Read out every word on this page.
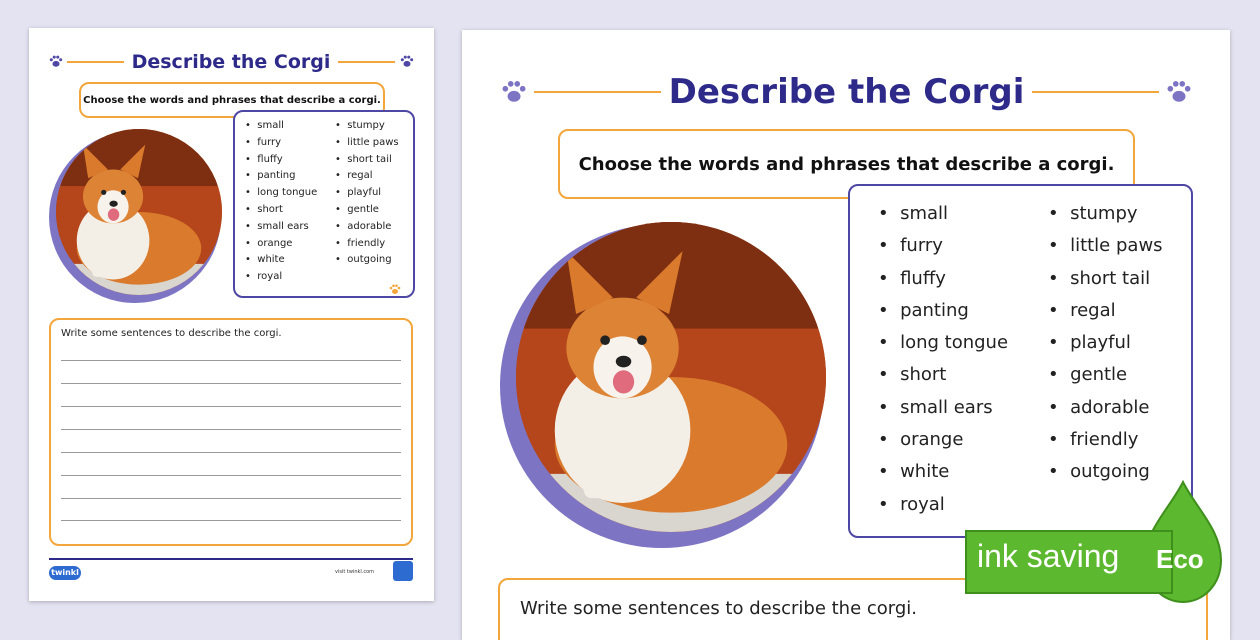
Describe the Corgi
Choose the words and phrases that describe a corgi.
•   small
•   furry
•   fluffy
•   panting
•   long tongue
•   short
•   small ears
•   orange
•   white
•   royal
•   stumpy
•   little paws
•   short tail
•   regal
•   playful
•   gentle
•   adorable
•   friendly
•   outgoing
Write some sentences to describe the corgi.
twinkl	visit twinkl.com
Describe the Corgi
Choose the words and phrases that describe a corgi.
•   small
•   furry
•   fluffy
•   panting
•   long tongue
•   short
•   small ears
•   orange
•   white
•   royal
•   stumpy
•   little paws
•   short tail
•   regal
•   playful
•   gentle
•   adorable
•   friendly
•   outgoing
Write some sentences to describe the corgi.
ink saving Eco
